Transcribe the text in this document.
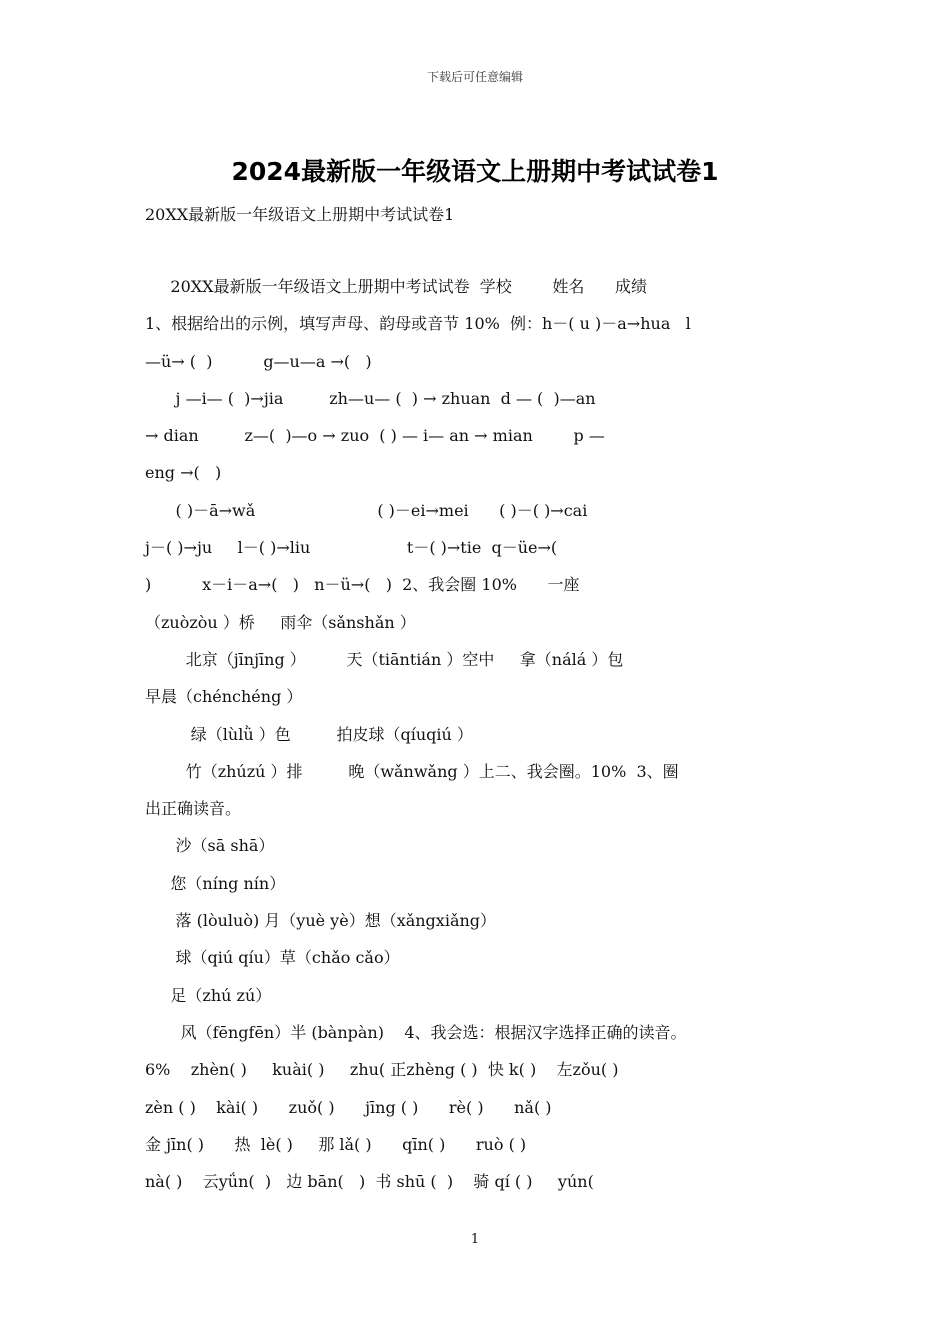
下载后可任意编辑
2024最新版一年级语文上册期中考试试卷1
20XX最新版一年级语文上册期中考试试卷1
20XX最新版一年级语文上册期中考试试卷  学校        姓名      成绩
1、根据给出的示例，填写声母、韵母或音节 10%  例：h－( u )－a→hua   l
—ü→ (  )          g—u—a →(   )
j —i— (  )→jia         zh—u— (  ) → zhuan  d — (  )—an
→ dian         z—(  )—o → zuo  ( ) — i— an → mian        p —
eng →(   )
( )－ā→wǎ                        ( )－ei→mei      ( )－( )→cai
j－( )→ju     l－( )→liu                   t－( )→tie  q－üe→(
)          x－i－a→(   )   n－ü→(   )  2、我会圈 10%      一座
（zuòzòu ）桥     雨伞（sǎnshǎn ）
北京（jīnjīng ）        天（tiāntián ）空中     拿（nálá ）包
早晨（chénchéng ）
绿（lùlǜ ）色         拍皮球（qíuqiú ）
竹（zhúzú ）排         晚（wǎnwǎng ）上二、我会圈。10%  3、圈
出正确读音。
沙（sā shā）
您（níng nín）
落 (lòuluò) 月（yuè yè）想（xǎngxiǎng）
球（qiú qíu）草（chǎo cǎo）
足（zhú zú）
风（fēngfēn）半 (bànpàn)    4、我会选：根据汉字选择正确的读音。
6%    zhèn( )     kuài( )     zhu( 正zhèng ( )  快 k( )    左zǒu( )
zèn ( )    kài( )      zuǒ( )      jīng ( )      rè( )      nǎ( )
金 jīn( )      热  lè( )     那 lǎ( )      qīn( )      ruò ( )
nà( )    云yǘn(  )   边 bān(   )  书 shū (  )    骑 qí ( )     yún(
1
